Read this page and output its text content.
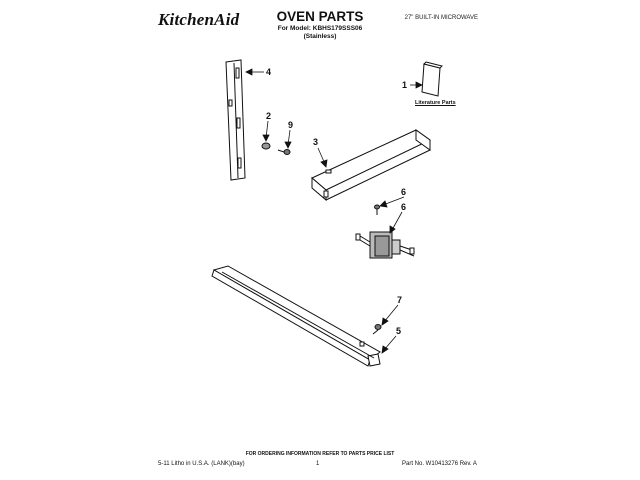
KitchenAid	OVEN PARTS
For Model: KBHS179SSS06
(Stainless)
27" BUILT-IN MICROWAVE
4
2
9
1
3
6
6
7
5
Literature Parts
FOR ORDERING INFORMATION REFER TO PARTS PRICE LIST
5-11 Litho in U.S.A. (LANK)(bay)	1	Part No. W10413276 Rev. A
